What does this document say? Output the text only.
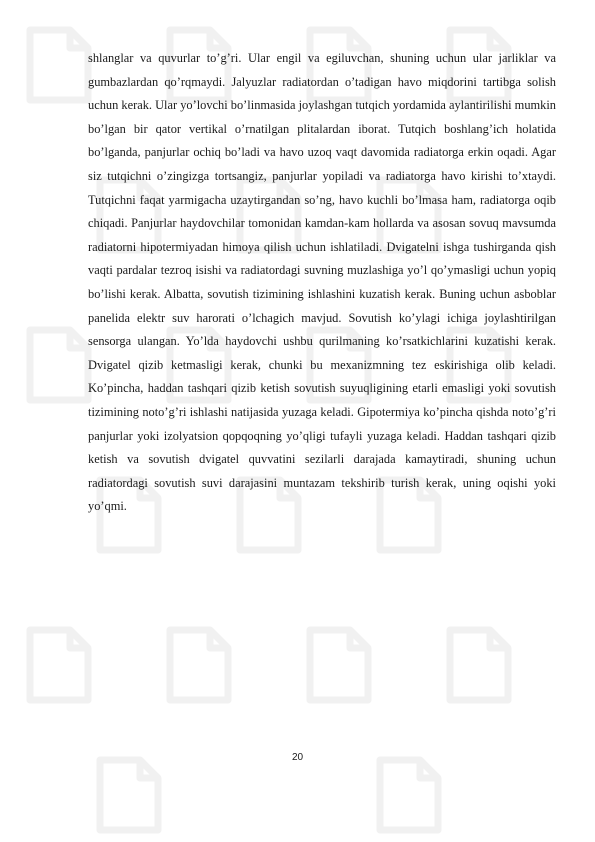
shlanglar va quvurlar to’g’ri. Ular engil va egiluvchan, shuning uchun ular jarliklar va gumbazlardan qo’rqmaydi. Jalyuzlar radiatordan o’tadigan havo miqdorini tartibga solish uchun kerak. Ular yo’lovchi bo’linmasida joylashgan tutqich yordamida aylantirilishi mumkin bo’lgan bir qator vertikal o’rnatilgan plitalardan iborat. Tutqich boshlang’ich holatida bo’lganda, panjurlar ochiq bo’ladi va havo uzoq vaqt davomida radiatorga erkin oqadi. Agar siz tutqichni o’zingizga tortsangiz, panjurlar yopiladi va radiatorga havo kirishi to’xtaydi. Tutqichni faqat yarmigacha uzaytirgandan so’ng, havo kuchli bo’lmasa ham, radiatorga oqib chiqadi. Panjurlar haydovchilar tomonidan kamdan-kam hollarda va asosan sovuq mavsumda radiatorni hipotermiyadan himoya qilish uchun ishlatiladi. Dvigatelni ishga tushirganda qish vaqti pardalar tezroq isishi va radiatordagi suvning muzlashiga yo’l qo’ymasligi uchun yopiq bo’lishi kerak. Albatta, sovutish tizimining ishlashini kuzatish kerak. Buning uchun asboblar panelida elektr suv harorati o’lchagich mavjud. Sovutish ko’ylagi ichiga joylashtirilgan sensorga ulangan. Yo’lda haydovchi ushbu qurilmaning ko’rsatkichlarini kuzatishi kerak. Dvigatel qizib ketmasligi kerak, chunki bu mexanizmning tez eskirishiga olib keladi. Ko’pincha, haddan tashqari qizib ketish sovutish suyuqligining etarli emasligi yoki sovutish tizimining noto’g’ri ishlashi natijasida yuzaga keladi. Gipotermiya ko’pincha qishda noto’g’ri panjurlar yoki izolyatsion qopqoqning yo’qligi tufayli yuzaga keladi. Haddan tashqari qizib ketish va sovutish dvigatel quvvatini sezilarli darajada kamaytiradi, shuning uchun radiatordagi sovutish suvi darajasini muntazam tekshirib turish kerak, uning oqishi yoki yo’qmi.

20
